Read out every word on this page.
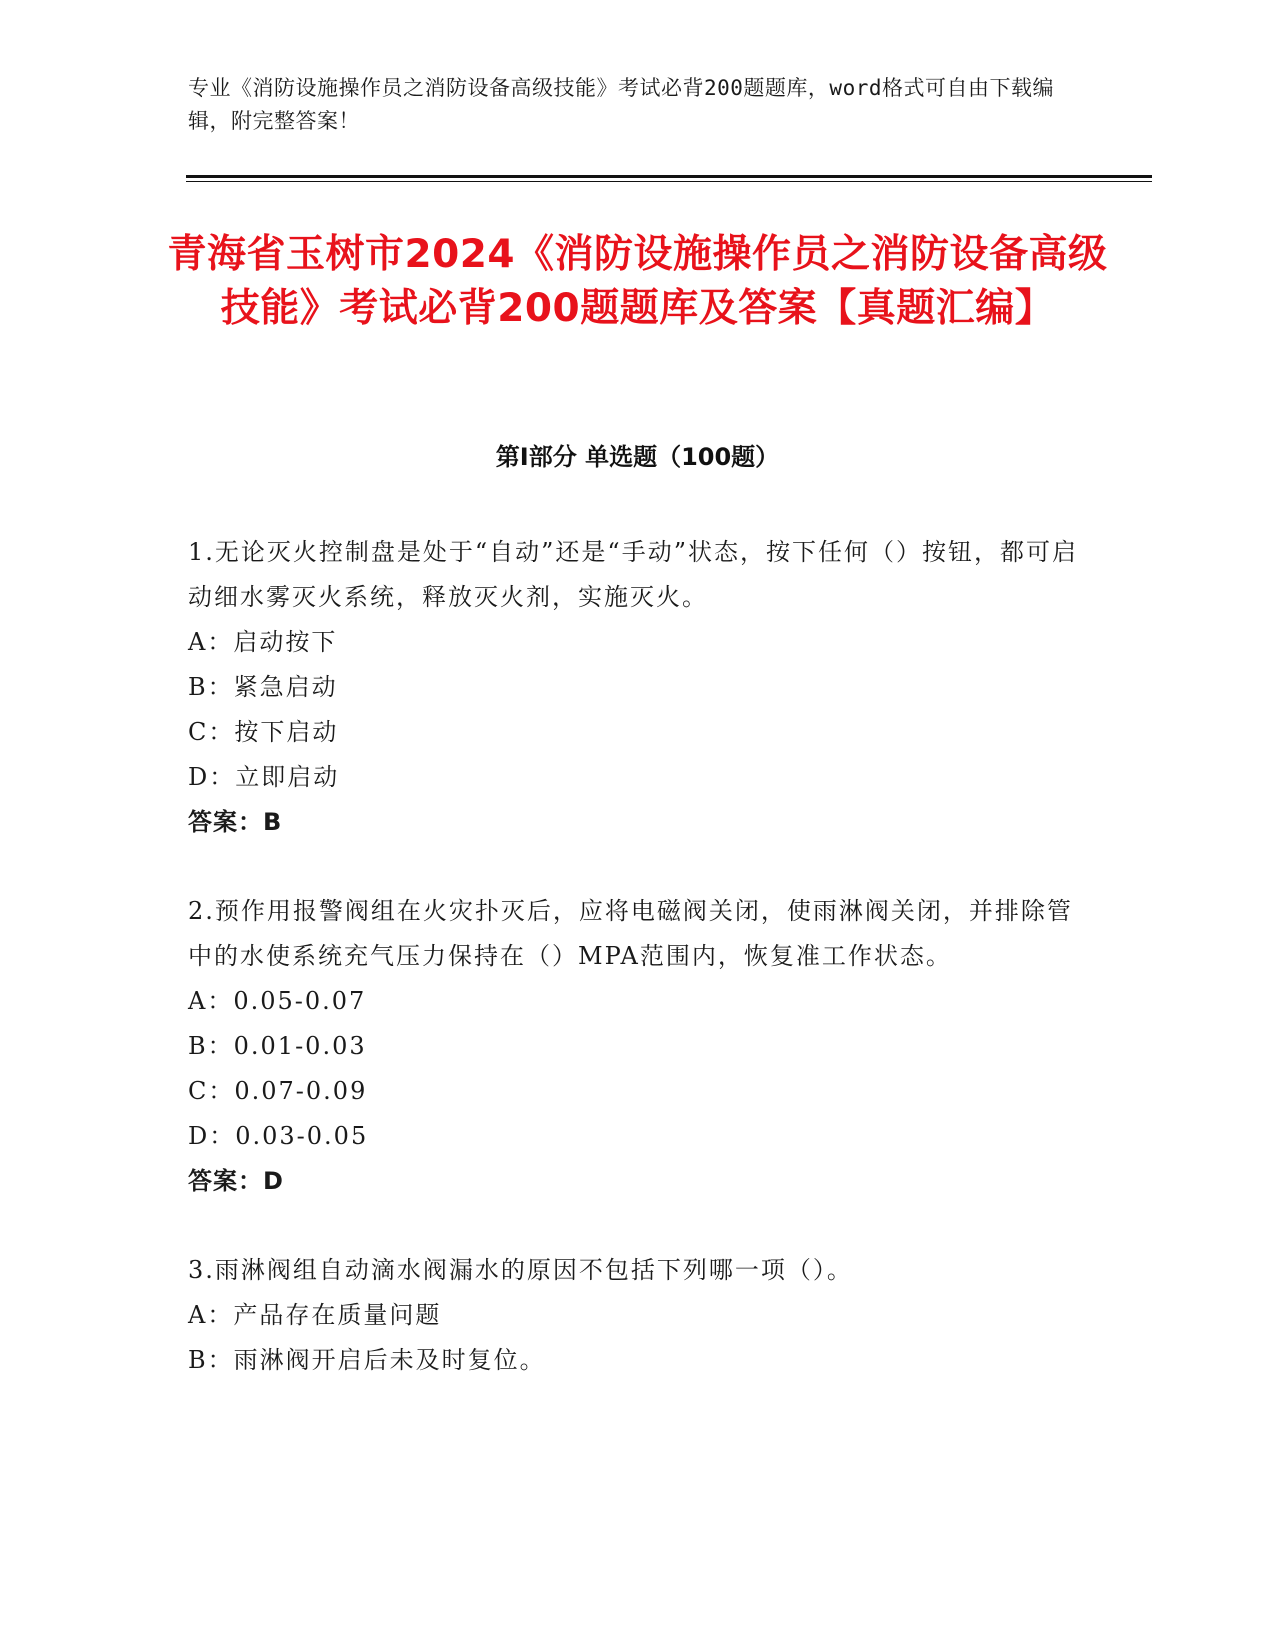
专业《消防设施操作员之消防设备高级技能》考试必背200题题库，word格式可自由下载编辑，附完整答案！
青海省玉树市2024《消防设施操作员之消防设备高级技能》考试必背200题题库及答案【真题汇编】
第Ⅰ部分 单选题（100题）
1.无论灭火控制盘是处于“自动”还是“手动”状态，按下任何（）按钮，都可启动细水雾灭火系统，释放灭火剂，实施灭火。
A：启动按下
B：紧急启动
C：按下启动
D：立即启动
答案：B
2.预作用报警阀组在火灾扑灭后，应将电磁阀关闭，使雨淋阀关闭，并排除管中的水使系统充气压力保持在（）MPA范围内，恢复准工作状态。
A：0.05-0.07
B：0.01-0.03
C：0.07-0.09
D：0.03-0.05
答案：D
3.雨淋阀组自动滴水阀漏水的原因不包括下列哪一项（）。
A：产品存在质量问题
B：雨淋阀开启后未及时复位。
